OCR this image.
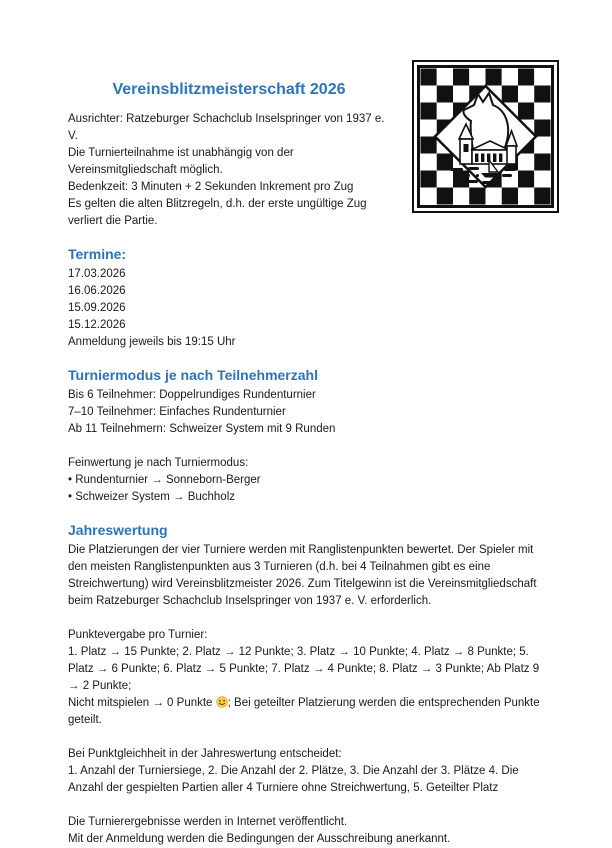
Vereinsblitzmeisterschaft 2026

Ausrichter: Ratzeburger Schachclub Inselspringer von 1937 e. V.

Die Turnierteilnahme ist unabhängig von der Vereinsmitgliedschaft möglich.

Bedenkzeit: 3 Minuten + 2 Sekunden Inkrement pro Zug

Es gelten die alten Blitzregeln, d.h. der erste ungültige Zug verliert die Partie.

Termine:

17.03.2026

16.06.2026

15.09.2026

15.12.2026

Anmeldung jeweils bis 19:15 Uhr

Turniermodus je nach Teilnehmerzahl

Bis 6 Teilnehmer: Doppelrundiges Rundenturnier

7–10 Teilnehmer: Einfaches Rundenturnier

Ab 11 Teilnehmern: Schweizer System mit 9 Runden

Feinwertung je nach Turniermodus:

• Rundenturnier → Sonneborn-Berger

• Schweizer System → Buchholz

Jahreswertung

Die Platzierungen der vier Turniere werden mit Ranglistenpunkten bewertet. Der Spieler mit den meisten Ranglistenpunkten aus 3 Turnieren (d.h. bei 4 Teilnahmen gibt es eine Streichwertung) wird Vereinsblitzmeister 2026. Zum Titelgewinn ist die Vereinsmitgliedschaft beim Ratzeburger Schachclub Inselspringer von 1937 e. V. erforderlich.

Punktevergabe pro Turnier:

1. Platz → 15 Punkte; 2. Platz → 12 Punkte; 3. Platz → 10 Punkte; 4. Platz → 8 Punkte; 5. Platz → 6 Punkte; 6. Platz → 5 Punkte; 7. Platz → 4 Punkte; 8. Platz → 3 Punkte; Ab Platz 9 → 2 Punkte;

Nicht mitspielen → 0 Punkte ; Bei geteilter Platzierung werden die entsprechenden Punkte geteilt.

Bei Punktgleichheit in der Jahreswertung entscheidet:

1. Anzahl der Turniersiege, 2. Die Anzahl der 2. Plätze, 3. Die Anzahl der 3. Plätze 4. Die Anzahl der gespielten Partien aller 4 Turniere ohne Streichwertung, 5. Geteilter Platz

Die Turnierergebnisse werden in Internet veröffentlicht.

Mit der Anmeldung werden die Bedingungen der Ausschreibung anerkannt.
